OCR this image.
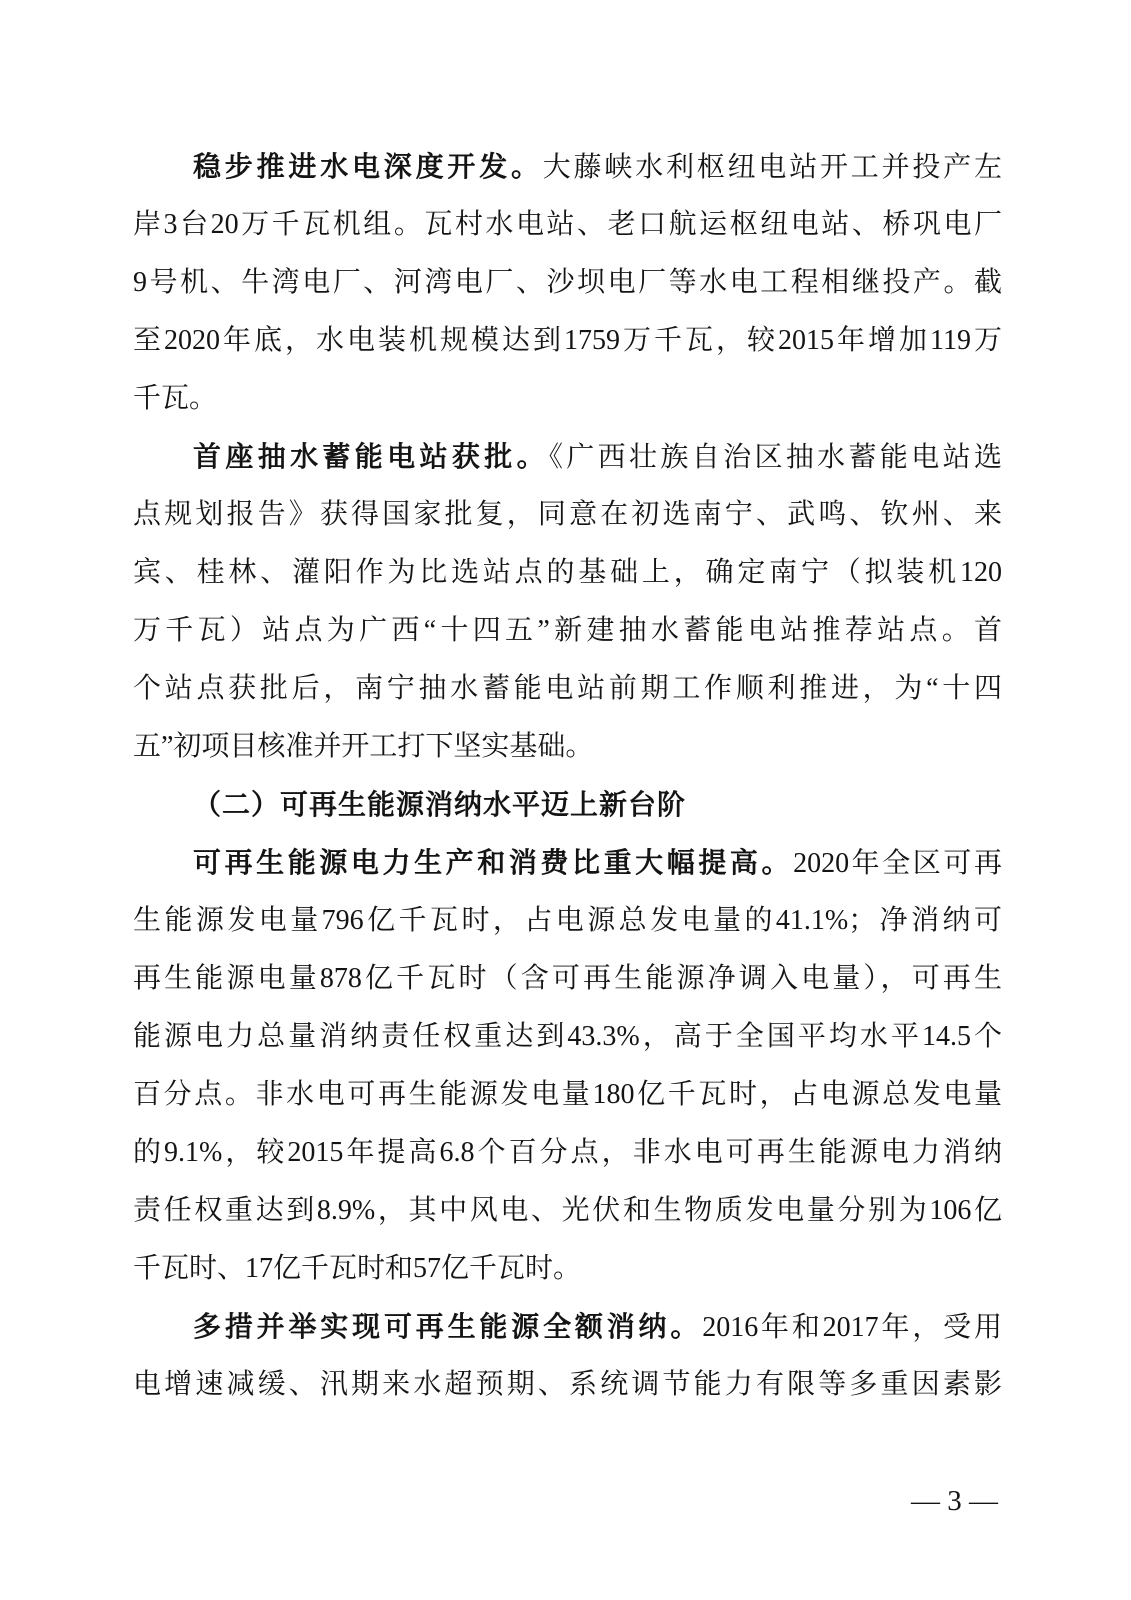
稳步推进水电深度开发。大藤峡水利枢纽电站开工并投产左
岸3台20万千瓦机组。瓦村水电站、老口航运枢纽电站、桥巩电厂
9号机、牛湾电厂、河湾电厂、沙坝电厂等水电工程相继投产。截
至2020年底，水电装机规模达到1759万千瓦，较2015年增加119万
千瓦。
首座抽水蓄能电站获批。《广西壮族自治区抽水蓄能电站选
点规划报告》获得国家批复，同意在初选南宁、武鸣、钦州、来
宾、桂林、灌阳作为比选站点的基础上，确定南宁（拟装机120
万千瓦）站点为广西“十四五”新建抽水蓄能电站推荐站点。首
个站点获批后，南宁抽水蓄能电站前期工作顺利推进，为“十四
五”初项目核准并开工打下坚实基础。
（二）可再生能源消纳水平迈上新台阶
可再生能源电力生产和消费比重大幅提高。2020年全区可再
生能源发电量796亿千瓦时，占电源总发电量的41.1%；净消纳可
再生能源电量878亿千瓦时（含可再生能源净调入电量），可再生
能源电力总量消纳责任权重达到43.3%，高于全国平均水平14.5个
百分点。非水电可再生能源发电量180亿千瓦时，占电源总发电量
的9.1%，较2015年提高6.8个百分点，非水电可再生能源电力消纳
责任权重达到8.9%，其中风电、光伏和生物质发电量分别为106亿
千瓦时、17亿千瓦时和57亿千瓦时。
多措并举实现可再生能源全额消纳。2016年和2017年，受用
电增速减缓、汛期来水超预期、系统调节能力有限等多重因素影
— 3 —
